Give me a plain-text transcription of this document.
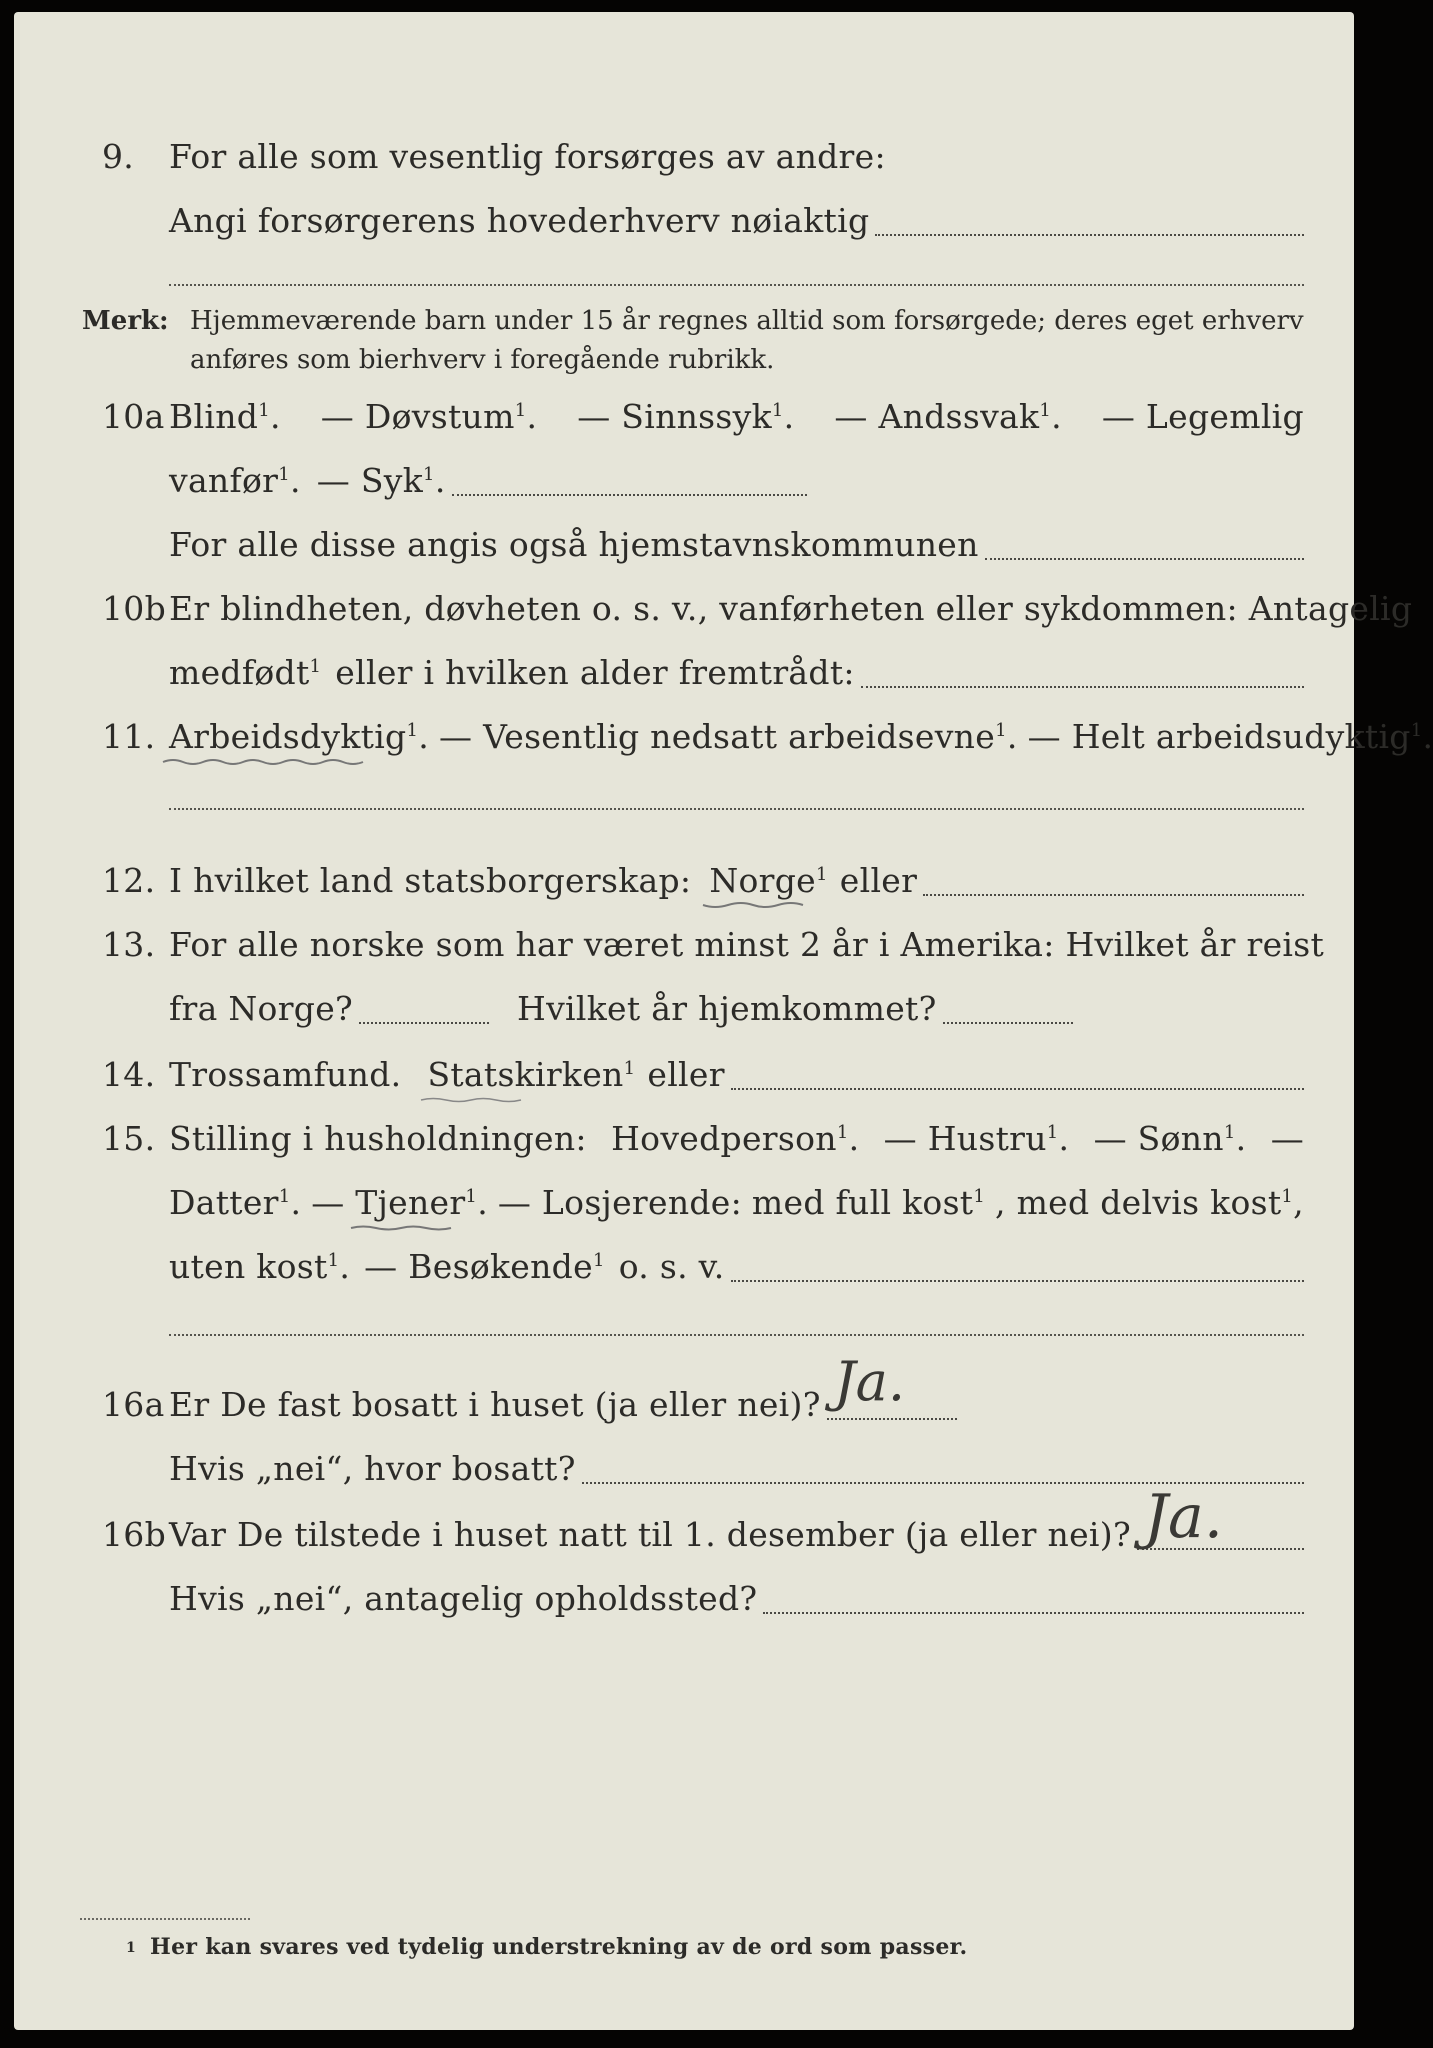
9. For alle som vesentlig forsørges av andre:
Angi forsørgerens hovederhverv nøiaktig
Merk: Hjemmeværende barn under 15 år regnes alltid som forsørgede; deres eget erhverv
anføres som bierhverv i foregående rubrikk.
10a Blind$^1$. — Døvstum$^1$. — Sinnssyk$^1$. — Andssvak$^1$. — Legemlig
vanfør$^1$. — Syk$^1$.
For alle disse angis også hjemstavnskommunen
10b Er blindheten, døvheten o. s. v., vanførheten eller sykdommen: Antagelig
medfødt$^1$ eller i hvilken alder fremtrådt:
11. Arbeidsdyktig$^1$. — Vesentlig nedsatt arbeidsevne$^1$. — Helt arbeidsudyktig$^1$.
12. I hvilket land statsborgerskap: Norge$^1$ eller
13. For alle norske som har været minst 2 år i Amerika: Hvilket år reist
fra Norge?	Hvilket år hjemkommet?
14. Trossamfund. Statskirken$^1$ eller
15. Stilling i husholdningen: Hovedperson$^1$. — Hustru$^1$. — Sønn$^1$. —
Datter$^1$. — Tjener$^1$. — Losjerende: med full kost$^1$ , med delvis kost$^1$,
uten kost$^1$. — Besøkende$^1$ o. s. v.
16a Er De fast bosatt i huset (ja eller nei)? Ja.
Hvis „nei“, hvor bosatt?
16b Var De tilstede i huset natt til 1. desember (ja eller nei)? Ja.
Hvis „nei“, antagelig opholdssted?
1 Her kan svares ved tydelig understrekning av de ord som passer.
